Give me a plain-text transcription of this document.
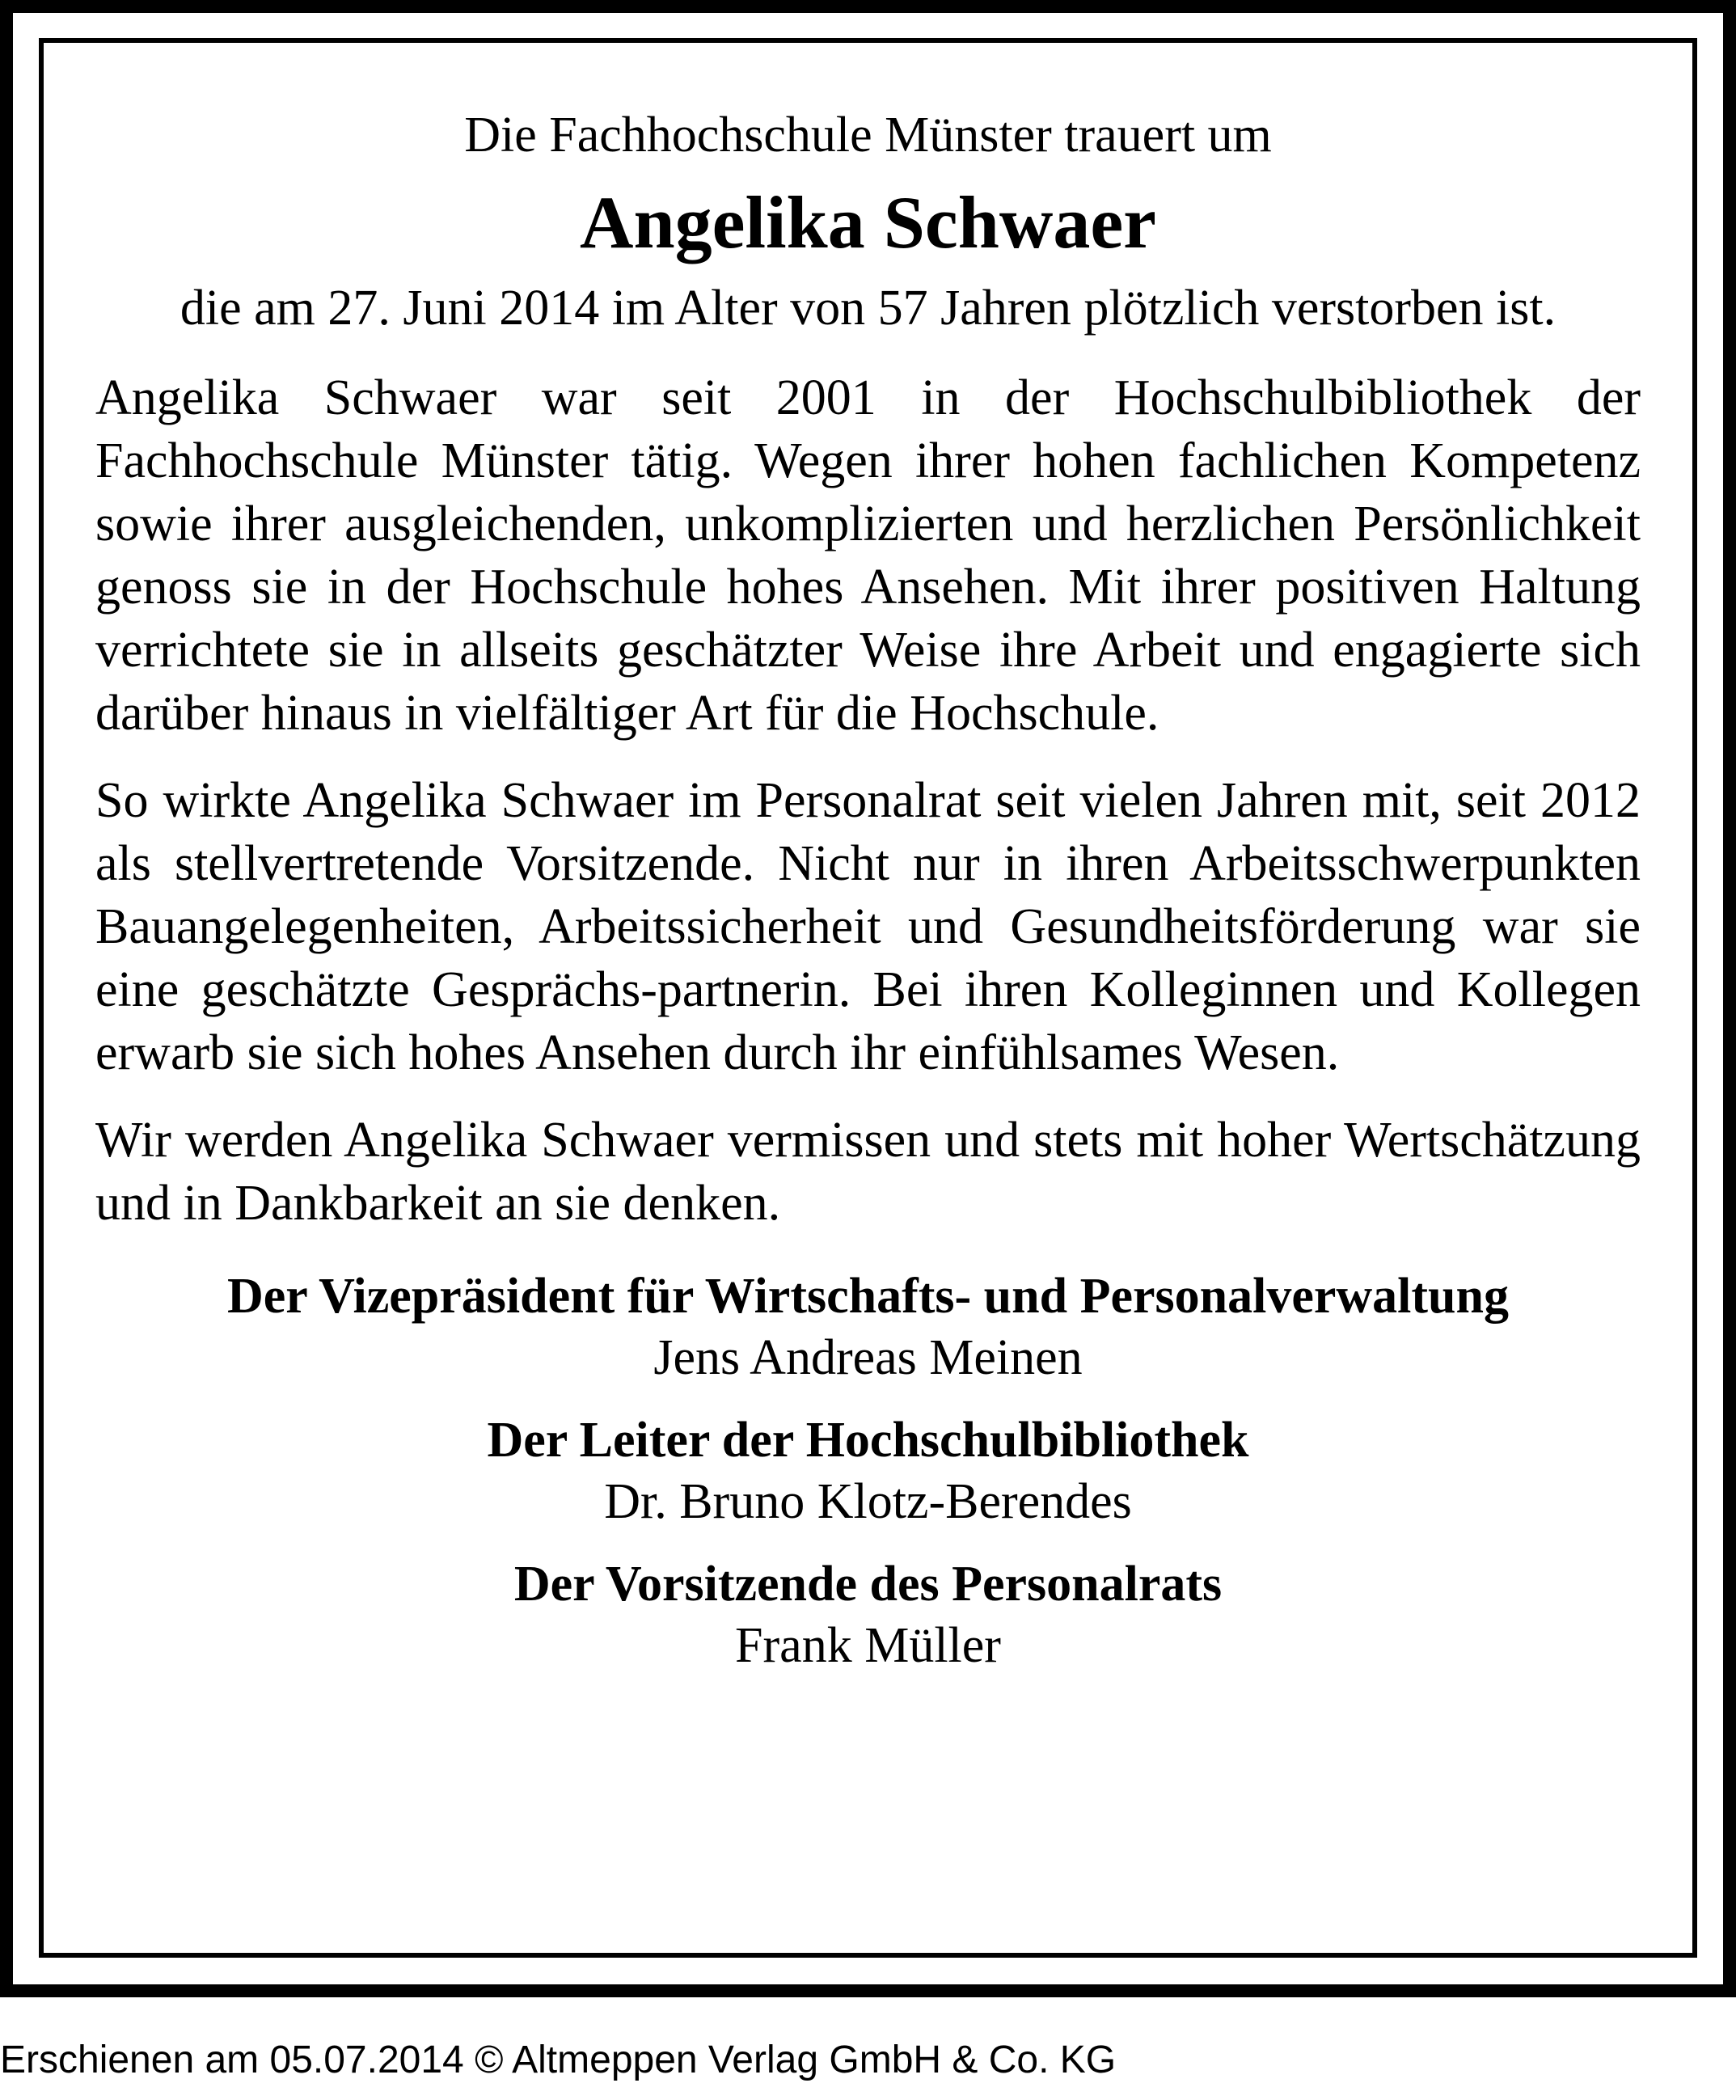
Die Fachhochschule Münster trauert um

Angelika Schwaer

die am 27. Juni 2014 im Alter von 57 Jahren plötzlich verstorben ist.

Angelika Schwaer war seit 2001 in der Hochschulbibliothek der Fachhochschule Münster tätig. Wegen ihrer hohen fachlichen Kompetenz sowie ihrer ausgleichenden, unkomplizierten und herzlichen Persönlichkeit genoss sie in der Hochschule hohes Ansehen. Mit ihrer positiven Haltung verrichtete sie in allseits geschätzter Weise ihre Arbeit und engagierte sich darüber hinaus in vielfältiger Art für die Hochschule.

So wirkte Angelika Schwaer im Personalrat seit vielen Jahren mit, seit 2012 als stellvertretende Vorsitzende. Nicht nur in ihren Arbeitsschwerpunkten Bauangelegenheiten, Arbeitssicherheit und Gesundheitsförderung war sie eine geschätzte Gesprächs-partnerin. Bei ihren Kolleginnen und Kollegen erwarb sie sich hohes Ansehen durch ihr einfühlsames Wesen.

Wir werden Angelika Schwaer vermissen und stets mit hoher Wertschätzung und in Dankbarkeit an sie denken.

Der Vizepräsident für Wirtschafts- und Personalverwaltung

Jens Andreas Meinen

Der Leiter der Hochschulbibliothek

Dr. Bruno Klotz-Berendes

Der Vorsitzende des Personalrats

Frank Müller

Erschienen am 05.07.2014 © Altmeppen Verlag GmbH & Co. KG
